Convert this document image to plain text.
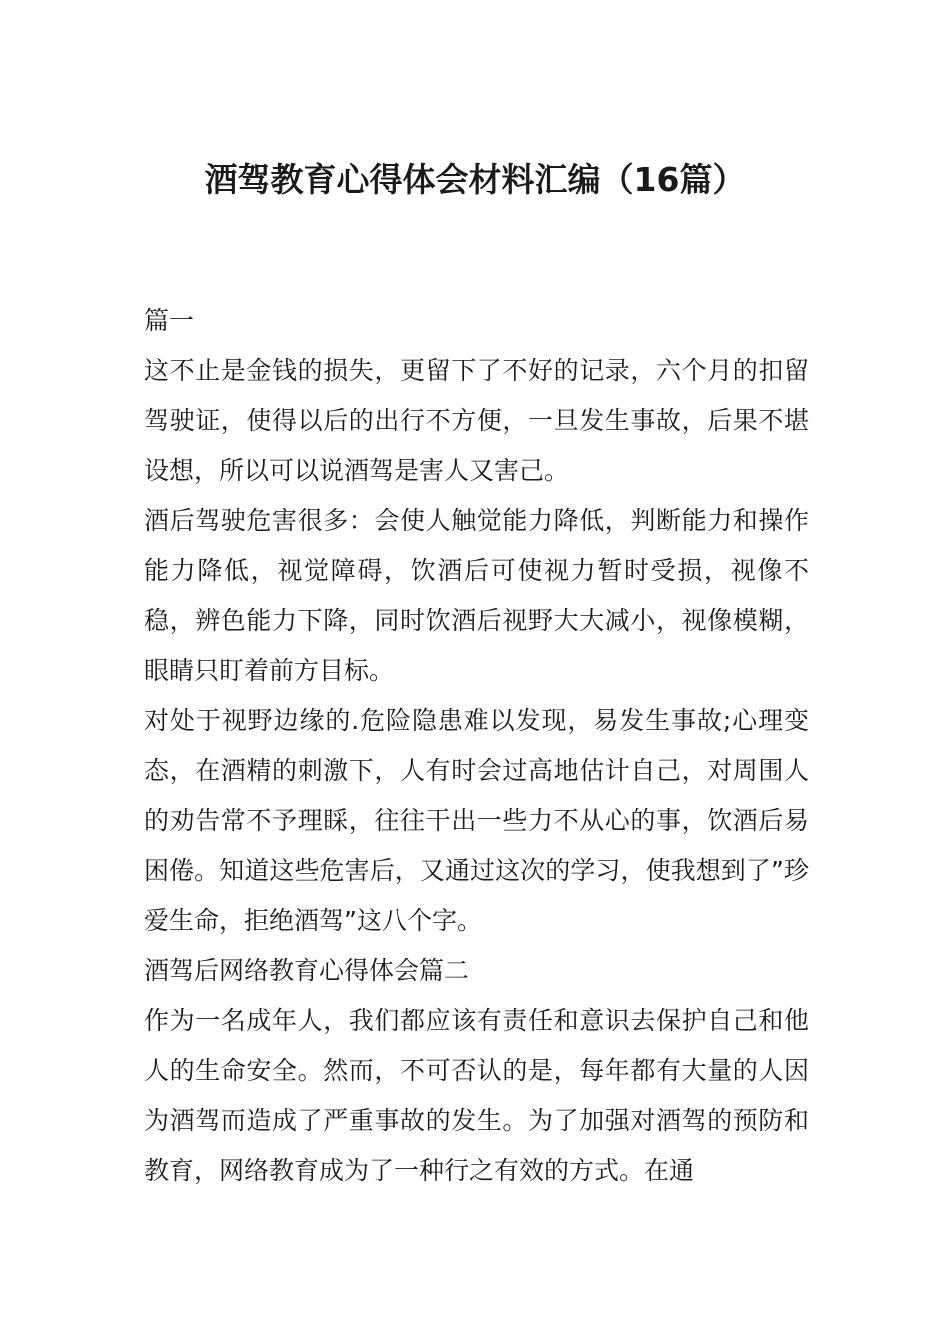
酒驾教育心得体会材料汇编（16篇）

篇一

这不止是金钱的损失，更留下了不好的记录，六个月的扣留驾驶证，使得以后的出行不方便，一旦发生事故，后果不堪设想，所以可以说酒驾是害人又害己。

酒后驾驶危害很多：会使人触觉能力降低，判断能力和操作能力降低，视觉障碍，饮酒后可使视力暂时受损，视像不稳，辨色能力下降，同时饮酒后视野大大减小，视像模糊，眼睛只盯着前方目标。

对处于视野边缘的.危险隐患难以发现，易发生事故;心理变态，在酒精的刺激下，人有时会过高地估计自己，对周围人的劝告常不予理睬，往往干出一些力不从心的事，饮酒后易困倦。知道这些危害后，又通过这次的学习，使我想到了”珍爱生命，拒绝酒驾”这八个字。

酒驾后网络教育心得体会篇二

作为一名成年人，我们都应该有责任和意识去保护自己和他人的生命安全。然而，不可否认的是，每年都有大量的人因为酒驾而造成了严重事故的发生。为了加强对酒驾的预防和教育，网络教育成为了一种行之有效的方式。在通
